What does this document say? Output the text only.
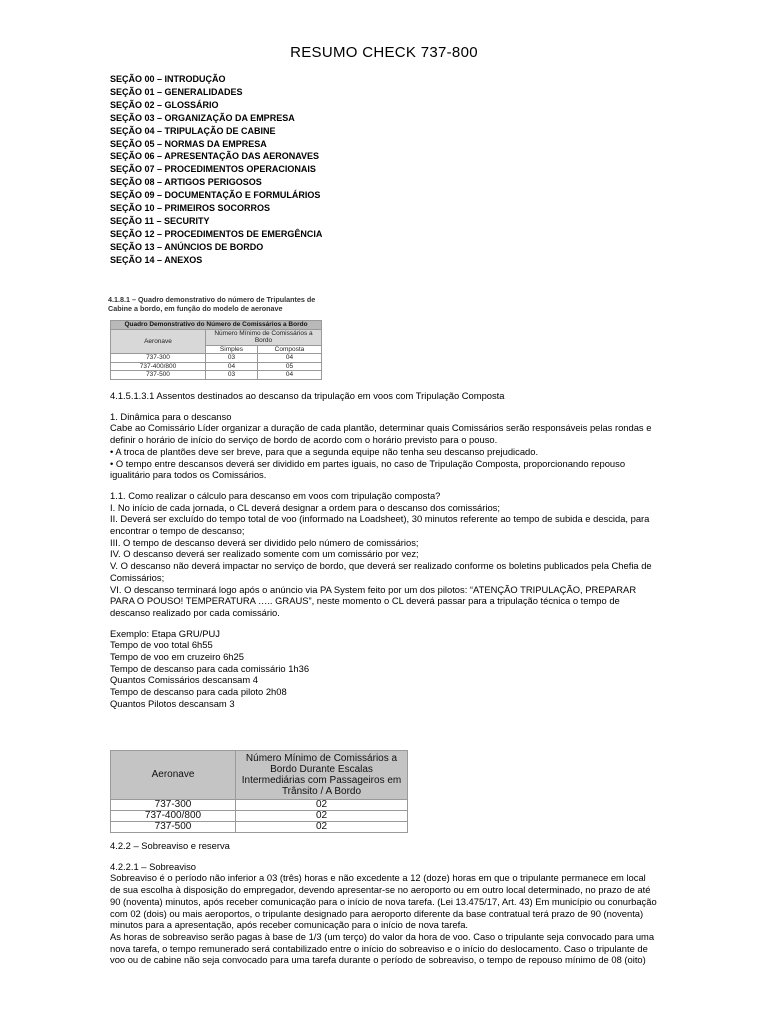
RESUMO CHECK 737-800
SEÇÃO 00 – INTRODUÇÃO
SEÇÃO 01 – GENERALIDADES
SEÇÃO 02 – GLOSSÁRIO
SEÇÃO 03 – ORGANIZAÇÃO DA EMPRESA
SEÇÃO 04 – TRIPULAÇÃO DE CABINE
SEÇÃO 05 – NORMAS DA EMPRESA
SEÇÃO 06 – APRESENTAÇÃO DAS AERONAVES
SEÇÃO 07 – PROCEDIMENTOS OPERACIONAIS
SEÇÃO 08 – ARTIGOS PERIGOSOS
SEÇÃO 09 – DOCUMENTAÇÃO E FORMULÁRIOS
SEÇÃO 10 – PRIMEIROS SOCORROS
SEÇÃO 11 – SECURITY
SEÇÃO 12 – PROCEDIMENTOS DE EMERGÊNCIA
SEÇÃO 13 – ANÚNCIOS DE BORDO
SEÇÃO 14 – ANEXOS
4.1.8.1 – Quadro demonstrativo do número de Tripulantes de Cabine a bordo, em função do modelo de aeronave
Quadro Demonstrativo do Número de Comissários a Bordo		
Aeronave	Número Mínimo de Comissários a Bordo	
	Simples	Composta
737-300	03	04
737-400/800	04	05
737-500	03	04

4.1.5.1.3.1 Assentos destinados ao descanso da tripulação em voos com Tripulação Composta

1. Dinâmica para o descanso

Cabe ao Comissário Líder organizar a duração de cada plantão, determinar quais Comissários serão responsáveis pelas rondas e definir o horário de início do serviço de bordo de acordo com o horário previsto para o pouso.

• A troca de plantões deve ser breve, para que a segunda equipe não tenha seu descanso prejudicado.

• O tempo entre descansos deverá ser dividido em partes iguais, no caso de Tripulação Composta, proporcionando repouso igualitário para todos os Comissários.

1.1. Como realizar o cálculo para descanso em voos com tripulação composta?

I. No início de cada jornada, o CL deverá designar a ordem para o descanso dos comissários;

II. Deverá ser excluído do tempo total de voo (informado na Loadsheet), 30 minutos referente ao tempo de subida e descida, para encontrar o tempo de descanso;

III. O tempo de descanso deverá ser dividido pelo número de comissários;

IV. O descanso deverá ser realizado somente com um comissário por vez;

V. O descanso não deverá impactar no serviço de bordo, que deverá ser realizado conforme os boletins publicados pela Chefia de Comissários;

VI. O descanso terminará logo após o anúncio via PA System feito por um dos pilotos: “ATENÇÃO TRIPULAÇÃO, PREPARAR PARA O POUSO! TEMPERATURA ….. GRAUS”, neste momento o CL deverá passar para a tripulação técnica o tempo de descanso realizado por cada comissário.

Exemplo: Etapa GRU/PUJ

Tempo de voo total 6h55

Tempo de voo em cruzeiro 6h25

Tempo de descanso para cada comissário 1h36

Quantos Comissários descansam 4

Tempo de descanso para cada piloto 2h08

Quantos Pilotos descansam 3

Aeronave	Número Mínimo de Comissários a Bordo Durante Escalas Intermediárias com Passageiros em Trânsito / A Bordo
737-300	02
737-400/800	02
737-500	02

4.2.2 – Sobreaviso e reserva

4.2.2.1 – Sobreaviso

Sobreaviso é o período não inferior a 03 (três) horas e não excedente a 12 (doze) horas em que o tripulante permanece em local de sua escolha à disposição do empregador, devendo apresentar-se no aeroporto ou em outro local determinado, no prazo de até 90 (noventa) minutos, após receber comunicação para o início de nova tarefa. (Lei 13.475/17, Art. 43) Em município ou conurbação com 02 (dois) ou mais aeroportos, o tripulante designado para aeroporto diferente da base contratual terá prazo de 90 (noventa) minutos para a apresentação, após receber comunicação para o início de nova tarefa.

As horas de sobreaviso serão pagas à base de 1/3 (um terço) do valor da hora de voo. Caso o tripulante seja convocado para uma nova tarefa, o tempo remunerado será contabilizado entre o início do sobreaviso e o início do deslocamento. Caso o tripulante de voo ou de cabine não seja convocado para uma tarefa durante o período de sobreaviso, o tempo de repouso mínimo de 08 (oito)
